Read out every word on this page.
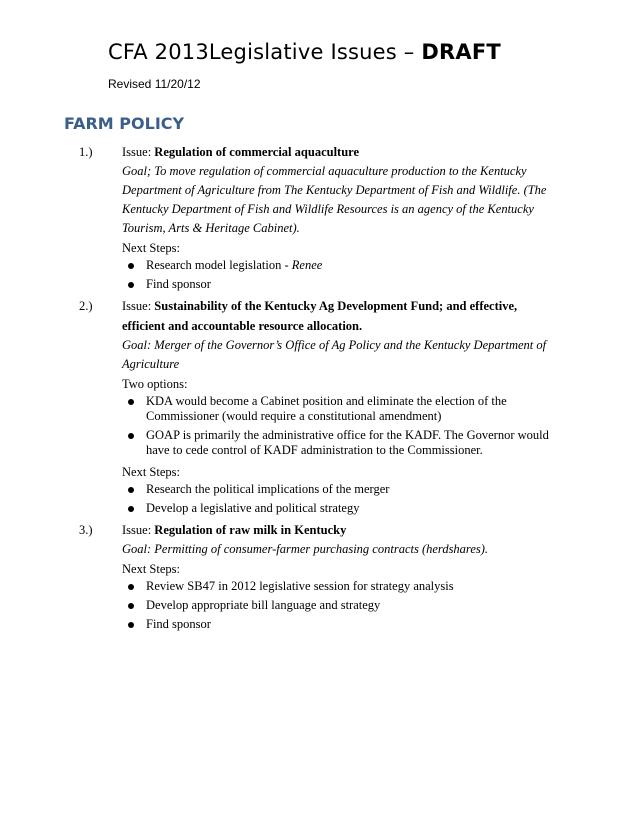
CFA 2013Legislative Issues – DRAFT

Revised 11/20/12

FARM POLICY
1.) Issue: Regulation of commercial aquaculture
Goal; To move regulation of commercial aquaculture production to the Kentucky Department of Agriculture from The Kentucky Department of Fish and Wildlife. (The Kentucky Department of Fish and Wildlife Resources is an agency of the Kentucky Tourism, Arts & Heritage Cabinet).
Next Steps:
Research model legislation - Renee
Find sponsor
2.) Issue: Sustainability of the Kentucky Ag Development Fund; and effective, efficient and accountable resource allocation.
Goal: Merger of the Governor’s Office of Ag Policy and the Kentucky Department of Agriculture
Two options:
KDA would become a Cabinet position and eliminate the election of the Commissioner (would require a constitutional amendment)
GOAP is primarily the administrative office for the KADF. The Governor would have to cede control of KADF administration to the Commissioner.
Next Steps:
Research the political implications of the merger
Develop a legislative and political strategy
3.) Issue: Regulation of raw milk in Kentucky
Goal: Permitting of consumer-farmer purchasing contracts (herdshares).
Next Steps:
Review SB47 in 2012 legislative session for strategy analysis
Develop appropriate bill language and strategy
Find sponsor
